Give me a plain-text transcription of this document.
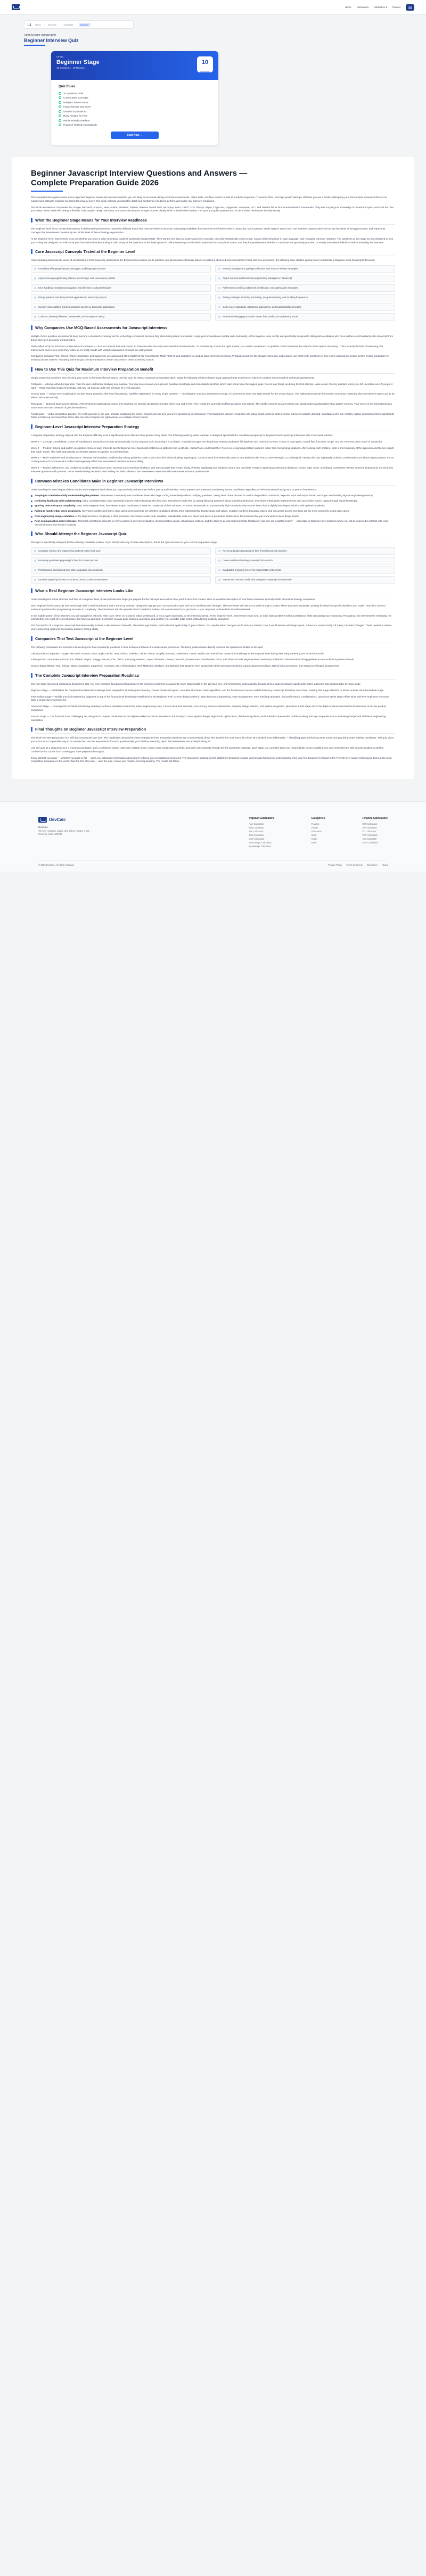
Home Calculators Interactive ▾ Contact
Home	›	Interview	›	Javascript	›	Beginner
JAVASCRIPT INTERVIEW
Beginner Interview Quiz
LEVEL
Beginner Stage
10 Questions · 10 Minutes
10
Questions
Quiz Rules
10 Questions Total
Covers Basic Concepts
Multiple Choice Format
Instant Results and Score
Detailed Explanations
Retry Anytime for Free
Mobile Friendly Interface
Progress Tracked Automatically
Start Now →
Beginner Javascript Interview Questions and Answers — Complete Preparation Guide 2026

This comprehensive guide covers every important Beginner Javascript interview question you are likely to encounter during technical assessments, online tests, and face-to-face rounds at product companies, IT services firms, and high-growth startups. Whether you are a fresher attempting your first campus placement drive or an experienced software engineer preparing for a lateral move, this guide will help you build the depth and confidence needed to perform well under real interview conditions.

Technical interviews at companies like Google, Microsoft, Amazon, Meta, Adobe, Atlassian, Flipkart, Walmart Global Tech, Razorpay, Zoho, CRED, TCS, Infosys, Wipro, Cognizant, Capgemini, Accenture, HCL, and Deloitte follow structured evaluation frameworks. They test not just your knowledge of Javascript syntax and APIs but how you reason about trade-offs, debug unfamiliar code, explain design decisions, and communicate your thought process clearly within a limited time window. This quiz and guide prepares you for all of these dimensions simultaneously.

What the Beginner Stage Means for Your Interview Readiness

The Beginner level in our Javascript roadmap is deliberately positioned to match the difficulty bands that real interviewers use when evaluating candidates for entry-level and fresher roles in Javascript. Each question at this stage is drawn from real interview patterns observed across hundreds of hiring processes, and represents concepts that interviewers consistently test at this level of the technology organization.

At the Beginner level, interviewers focus on whether you have a solid conceptual model of Javascript fundamentals. They want to see that you understand core concepts, can write syntactically correct code, explain basic behaviour in plain language, and recognise common mistakes. The questions at this stage are not designed to trick you — they are designed to confirm that your foundational understanding is solid. Many of the questions at this level appear in online screening rounds where speed and accuracy both matter, and they frequently reveal whether a candidate has genuinely practised or merely memorised definitions before attending the interview.

Core Javascript Concepts Tested at the Beginner Level

Understanding which specific areas of Javascript are most frequently assessed at the Beginner level allows you to prioritise your preparation effectively. Based on patterns observed across hundreds of real interview processes, the following topic clusters appear most consistently in Beginner-level Javascript interviews:

Foundational language syntax, data types, and language structure	Memory management, garbage collection, and resource release strategies
Asynchronous programming patterns, event loops, and concurrency models	Object-oriented and functional programming paradigms in Javascript
Error handling, exception propagation, and defensive coding techniques	Performance profiling, bottleneck identification, and optimization strategies
Design patterns and their practical application in Javascript projects	Testing strategies including unit testing, integration testing, and mocking frameworks
Security vulnerabilities and best practices specific to Javascript applications	Code review standards, refactoring approaches, and maintainability principles
Common Javascript libraries, frameworks, and ecosystem tooling	Real-world debugging scenarios drawn from production engineering issues
Why Companies Use MCQ-Based Assessments for Javascript Interviews

Multiple-choice question assessments have become a standard screening tool for technology companies because they allow hiring teams to evaluate a large pool of candidates quickly and consistently. At the Beginner level, MCQs are specifically designed to distinguish candidates who have surface-level familiarity with Javascript from those who have genuinely worked with it.

Well-crafted MCQs at this level contain distractor answers — incorrect options that look correct to someone who has only memorised the documentation. To consistently choose the right answer, you need to understand not just the correct behaviour but why the other options are wrong. This is exactly the kind of reasoning that interviewers want to see when they follow up on MCQ rounds with verbal explanations or hands-on coding tasks.

Companies including TCS, Infosys, Wipro, Cognizant, and Capgemini use automated MCQ platforms like HackerEarth, Mettl, AMCAT, and CoCubes to conduct initial technical screening. Product companies like Google, Microsoft, and Amazon use MCQ-style questions in their online assessment portals before inviting candidates for technical phone screens. Practising with this quiz directly translates to better outcomes in these screening rounds.

How to Use This Quiz for Maximum Interview Preparation Benefit

Simply answering questions and checking your score is the least effective way to use this quiz. To extract maximum preparation value, adopt the following evidence-based study approach that experienced interview coaches recommend for technical assessments:

First pass — attempt without preparation. Take the quiz cold before studying any material. Your raw score reveals your genuine baseline knowledge and immediately identifies which topic areas have the biggest gaps. Do not look things up during this first attempt. Make a note of every question where you felt uncertain even if you got it right — those represent fragile knowledge that may not hold up under the pressure of a real interview.

Second pass — review every explanation, not just wrong answers. After your first attempt, read the explanation for every single question — including the ones you answered correctly. It is common to select the right answer for the wrong reason. The explanations reveal the precise conceptual reasoning that interviewers expect you to be able to articulate verbally.

Third pass — targeted study and re-attempt. After reviewing explanations, spend time studying the specific Javascript concepts where you had errors. Then retake the quiz with shuffled questions and options. The shuffle ensures you are testing your actual understanding rather than pattern memory. Your score on the third attempt is a much more accurate measure of genuine readiness.

Fourth pass — verbal preparation practice. For each question in the quiz, practise explaining the correct answer out loud as if you were speaking to an interviewer. This transforms passive recognition into active recall, which is what technical interviews actually demand. Candidates who can verbally explain concepts perform significantly better in follow-up interviews than those who can only recognise the right answer in a multiple-choice format.

Beginner-Level Javascript Interview Preparation Strategy

A targeted preparation strategy aligned with the Beginner difficulty level is significantly more effective than generic study plans. The following week-by-week roadmap is designed specifically for candidates preparing for Beginner-level Javascript interviews with a four-week window:

Week 1 — Concept consolidation. Cover all foundational Javascript concepts systematically. Do not skip any topic assuming it is too basic. Foundational gaps are the primary reason candidates fail Beginner and technical screens. Focus on data types, control flow, functions, scope, and the core execution model of Javascript.

Week 2 — Problem solving and pattern recognition. Solve at least fifteen to twenty Beginner-level Javascript problems on platforms like LeetCode, HackerRank, and CodeChef. Focus on recognising problem patterns rather than memorising solutions. After solving each problem, write a brief summary of the approach and the key insight that made it work. This habit dramatically accelerates pattern recognition in real interviews.

Week 3 — Mock interviews and timed practice. Simulate real interview conditions by solving problems under a strict time limit without looking anything up. Conduct mock interviews with peers or use platforms like Pramp, Interviewing.io, or CodeSignal. Attempt this quiz repeatedly until you consistently score above eighty percent. Focus on the practice of communication habits that negatively affect how interviewers perceive technical ability.

Week 4 — Review, refinement, and confidence building. Revisit your notes, previous mock interview feedback, and any concepts that remain shaky. Practise explaining your solutions clearly and concisely. Practice explaining architectural decisions, known edge cases, and design constraints. Review common behavioural and technical interview questions with patterns. Focus on eliminating hesitation and building the self-confidence that interviewers associate with senior-level technical professionals.

Common Mistakes Candidates Make in Beginner Javascript Interviews

Understanding the most frequent failure modes at the Beginner level allows you to proactively address them before your actual interview. These patterns are observed consistently across candidates regardless of their educational background or years of experience:

Jumping to code before fully understanding the problem. Interviewers consistently rate candidates lower who begin coding immediately without clarifying questions. Taking two to three minutes to confirm the problem constraints, expected input and output format, and edge case handling signals engineering maturity.
Confusing familiarity with understanding. Many candidates have used Javascript features without knowing why they work. Interviewers probe this by asking follow-up questions about underlying behaviour. Interviewers distinguish between those who can confirm correct output through actual knowledge.
Ignoring time and space complexity. Even at the Beginner level, interviewers expect candidates to state the complexity of their solutions. A correct solution with an unnecessarily high complexity often scores lower than a slightly less elegant solution with optimal complexity.
Failing to handle edge cases proactively. Interviewers deliberately leave edge cases unmentioned to see whether candidates identify them independently. Empty inputs, null values, negative numbers, boundary values, and concurrent access scenarios are the most commonly tested edge cases.
Over-engineering simple solutions. At the Beginner level, complexity is often penalised. Interviewers value clear, readable, maintainable code over clever one-liners or premature abstractions. Demonstrate that you know when to keep things simple.
Poor communication under pressure. Technical correctness accounts for only a portion of interview evaluation. Communication quality, collaborative instincts, and the ability to accept and incorporate feedback in real time are weighted heavily — especially for Beginner-level positions where you will be expected to interact with cross-functional teams and mentors regularly.
Who Should Attempt the Beginner Javascript Quiz

This quiz is specifically designed for the following candidate profiles. If you identify with any of these descriptions, this is the right resource for your current preparation stage:

Computer science and engineering students in their final year	Recent graduates preparing for their first technical job interview
Bootcamp graduates preparing for their first Javascript role	Career switchers learning Javascript from scratch
Professionals transitioning from other languages into Javascript	Candidates preparing for service-based MNC written tests
Students preparing for AMCAT, eLitmus, and CoCubes assessments	Anyone who wants to verify and strengthen Javascript fundamentals
What a Real Beginner Javascript Interview Looks Like

Understanding the actual structure and flow of a Beginner-level Javascript interview helps you prepare for the full experience rather than just the technical content. Here is a realistic description of how these interviews typically unfold at most technology companies:

Most Beginner-level Javascript interviews begin with a brief introduction and a warm-up question designed to gauge your communication style and basic familiarity with the topic. The interviewer will ask you to walk through a project where you used Javascript, probing for depth on specific decisions you made. They then move to technical questions that progressively increase in complexity. The interviewer will also provide hints if needed to redirect the conversation if you get stuck — your response to these hints is itself evaluated.

In the middle portion of the interview, you will typically be asked to write code, either on a shared editor, whiteboard, or on a paper depending on the interview format. At the Beginner level, interviewers expect you to solve basic problems without assistance while articulating your reasoning. Throughout, the interviewer is evaluating not just whether you reach the correct answer but how you approach it, whether you ask good clarifying questions, and whether you consider edge cases without being explicitly prompted.

The final portion of a Beginner Javascript interview usually involves a discussion of trade-offs, alternative approaches, and real-world applicability of your solution. You may be asked how you would test your solution, how it would behave with large inputs, or how you would modify it if a key constraint changed. These questions assess your engineering judgment beyond raw problem-solving ability.

Companies That Test Javascript at the Beginner Level

The following companies are known to include Beginner-level Javascript questions in their technical interview and assessment processes. The hiring patterns have directly informed the questions included in this quiz:

Global product companies: Google, Microsoft, Amazon, Meta, Apple, Netflix, Uber, Airbnb, LinkedIn, Twitter, Adobe, Shopify, Atlassian, Salesforce, Oracle, Nvidia, and Intel all test Javascript knowledge at the Beginner level during their early screening and technical rounds.

Indian product companies and unicorns: Flipkart, Paytm, Swiggy, Zomato, Ola, CRED, Razorpay, Meesho, Zepto, PhonePe, Groww, Dream11, BrowserStack, Freshworks, Zoho, and others include Beginner-level Javascript problems in their technical hiring pipelines across multiple experience levels.

Service-based MNCs: TCS, Infosys, Wipro, Cognizant, Capgemini, Accenture, HCL Technologies, Tech Mahindra, Mindtree, and Mphasis test Beginner-level Javascript in their assessments during campus placement drives, lateral hiring processes, and internal certification programmes.

The Complete Javascript Interview Preparation Roadmap

Our four-stage structured roadmap is designed to take you from complete foundational knowledge to full interview readiness in Javascript. Each stage builds on the previous one, and progressing systematically through all four stages produces significantly better outcomes than random topic-by-topic study.

Beginner Stage — Establishes the complete foundational knowledge base required for all subsequent learning. Covers Javascript syntax, core data structures, basic algorithms, and the fundamental mental models that every Javascript developer must have. Passing this stage with 80% or above unlocks the Intermediate stage.

Intermediate Stage — Builds practical engineering judgment on top of the foundational knowledge established at the Beginner level. Covers design patterns, asynchronous programming, state management, error handling strategies, and performance considerations. Questions at this stage reflect what mid-level engineers encounter daily in production environments.

Advanced Stage — Develops the architectural thinking and deep technical expertise required for senior engineering roles. Covers advanced internals, concurrency, memory optimization, complex design patterns, and system integration. Questions at this stage mirror the depth of senior-level technical interviews at top-tier product companies.

FAANG Stage — The final and most challenging tier, designed to prepare candidates for the highest-stakes technical interviews in the industry. Covers system design, algorithmic optimization, distributed systems, and the kind of open-ended problem solving that top companies use to evaluate principal and staff-level engineering candidates.

Final Thoughts on Beginner Javascript Interview Preparation

Technical interview preparation is a skill that compounds over time. The candidates who perform best in Beginner-level Javascript interviews are not necessarily those who studied the most hours, but those who studied most deliberately — identifying gaps, reinforcing weak areas, and practising under realistic conditions. This quiz gives you a structured, repeatable way to do exactly that, and the explanations for each question help you build the reasoning depth that interviewers are actively looking for.

Use this quiz as a diagnostic tool, a learning accelerator, and a confidence builder. Attempt it multiple times, review every explanation carefully, and work systematically through the full Javascript roadmap. Each stage you complete takes you meaningfully closer to walking into your next interview with genuine readiness and the confidence that comes from knowing you have prepared thoroughly.

Every attempt you make — whether you pass or fail — gives you actionable information about where to focus your preparation energy next. The structured roadmap on this platform is designed to guide you through that journey systematically, from your first Beginner-level quiz to the FAANG-level mastery that opens doors at the most competitive companies in the world. Take the first step now — start the quiz, review your results, and keep building. The results will follow.

DevCalc
DevCalc
7th Ave, Arlottwin, Jaipur City, Tokyo Hungry, 7-1/4 - Chennai, India, 302033
Popular Calculators
Age Calculator
EMI Calculator
SIP Calculator
BMI Calculator
GST Calculator
Percentage Calculator
Knowledge Calculator
Categories
Finance
Health
Education
Math
Tools
More
Finance Calculators
EMI Calculator
SIP Calculator
FD Calculator
PPF Calculator
Tax Calculator
GST Calculator
© 2026 DevCalc. All rights reserved.	Privacy Policy Terms of Service Disclaimer About
